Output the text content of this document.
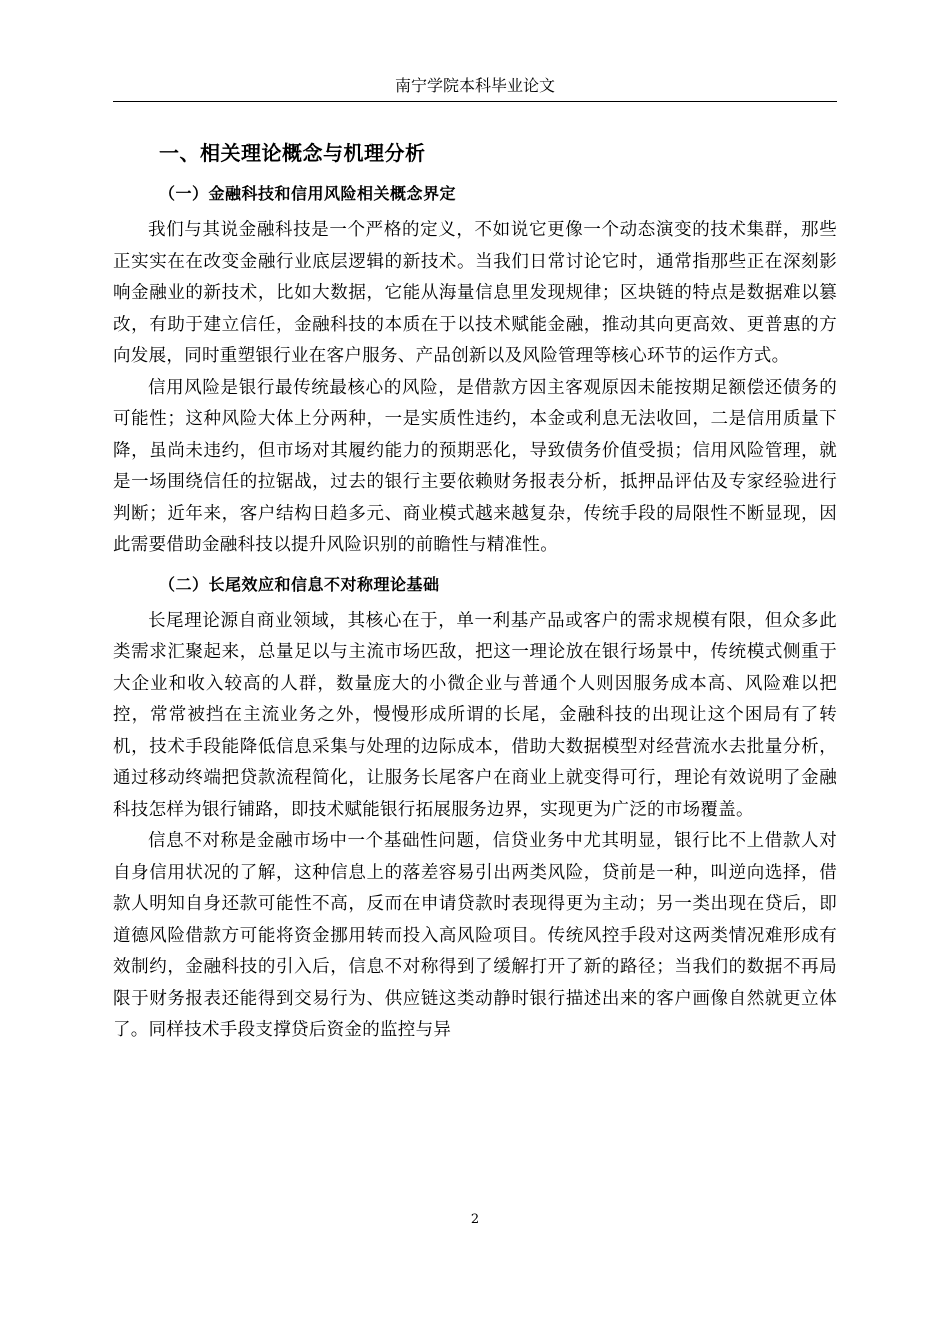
南宁学院本科毕业论文
一、相关理论概念与机理分析
（一）金融科技和信用风险相关概念界定

我们与其说金融科技是一个严格的定义，不如说它更像一个动态演变的技术集群，那些正实实在在改变金融行业底层逻辑的新技术。当我们日常讨论它时，通常指那些正在深刻影响金融业的新技术，比如大数据，它能从海量信息里发现规律；区块链的特点是数据难以篡改，有助于建立信任，金融科技的本质在于以技术赋能金融，推动其向更高效、更普惠的方向发展，同时重塑银行业在客户服务、产品创新以及风险管理等核心环节的运作方式。

信用风险是银行最传统最核心的风险，是借款方因主客观原因未能按期足额偿还债务的可能性；这种风险大体上分两种，一是实质性违约，本金或利息无法收回，二是信用质量下降，虽尚未违约，但市场对其履约能力的预期恶化，导致债务价值受损；信用风险管理，就是一场围绕信任的拉锯战，过去的银行主要依赖财务报表分析，抵押品评估及专家经验进行判断；近年来，客户结构日趋多元、商业模式越来越复杂，传统手段的局限性不断显现，因此需要借助金融科技以提升风险识别的前瞻性与精准性。

（二）长尾效应和信息不对称理论基础

长尾理论源自商业领域，其核心在于，单一利基产品或客户的需求规模有限，但众多此类需求汇聚起来，总量足以与主流市场匹敌，把这一理论放在银行场景中，传统模式侧重于大企业和收入较高的人群，数量庞大的小微企业与普通个人则因服务成本高、风险难以把控，常常被挡在主流业务之外，慢慢形成所谓的长尾，金融科技的出现让这个困局有了转机，技术手段能降低信息采集与处理的边际成本，借助大数据模型对经营流水去批量分析，通过移动终端把贷款流程简化，让服务长尾客户在商业上就变得可行，理论有效说明了金融科技怎样为银行铺路，即技术赋能银行拓展服务边界，实现更为广泛的市场覆盖。

信息不对称是金融市场中一个基础性问题，信贷业务中尤其明显，银行比不上借款人对自身信用状况的了解，这种信息上的落差容易引出两类风险，贷前是一种，叫逆向选择，借款人明知自身还款可能性不高，反而在申请贷款时表现得更为主动；另一类出现在贷后，即道德风险借款方可能将资金挪用转而投入高风险项目。传统风控手段对这两类情况难形成有效制约，金融科技的引入后，信息不对称得到了缓解打开了新的路径；当我们的数据不再局限于财务报表还能得到交易行为、供应链这类动静时银行描述出来的客户画像自然就更立体了。同样技术手段支撑贷后资金的监控与异

2
